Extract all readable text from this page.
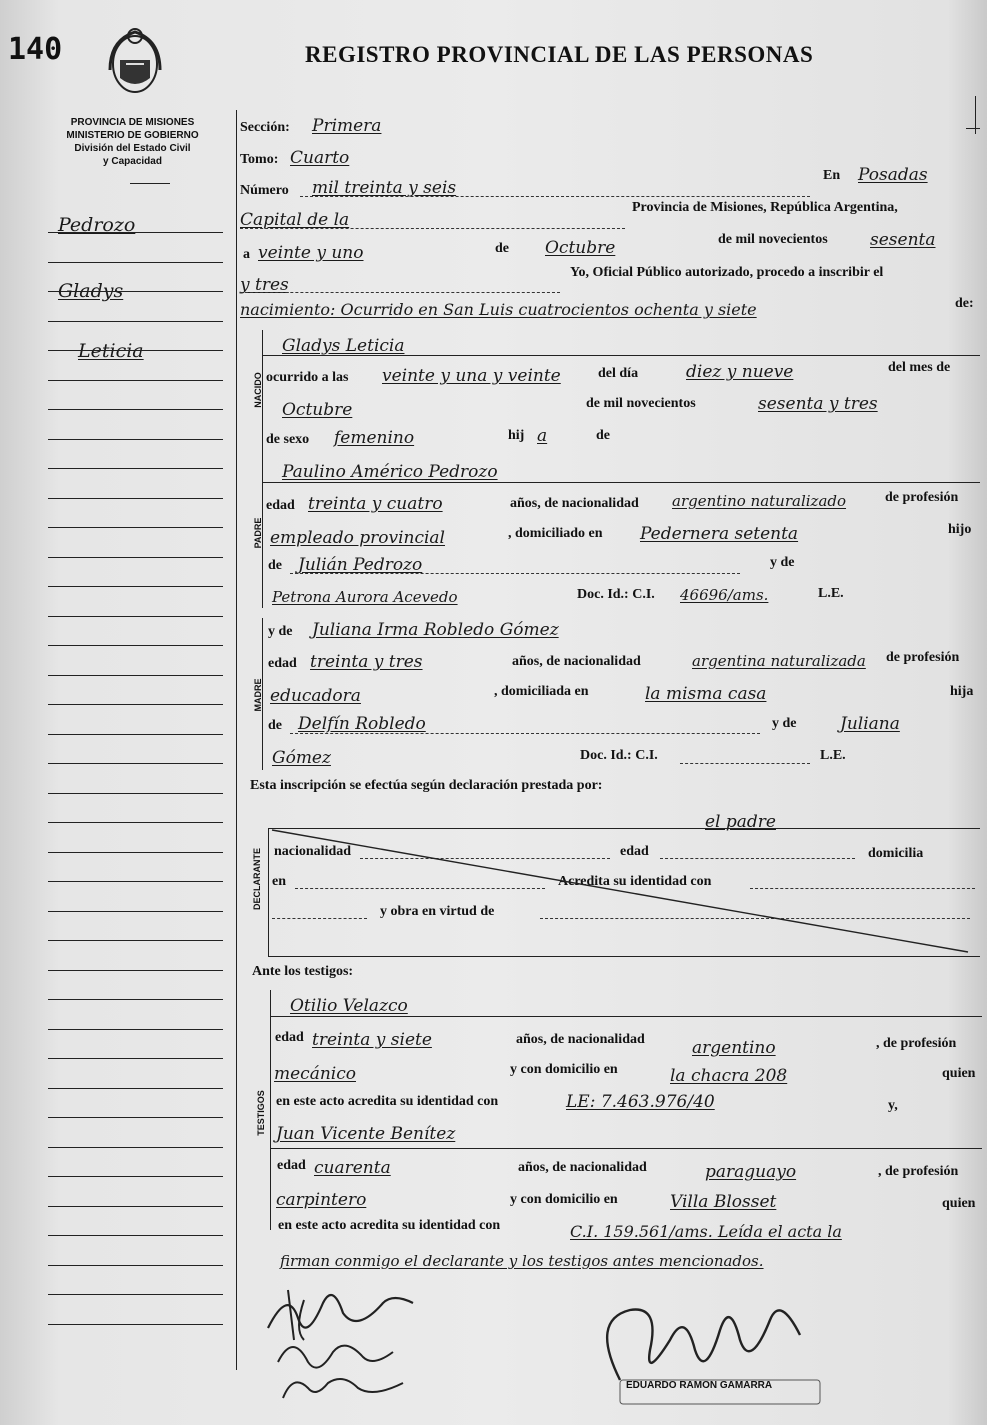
140	REGISTRO PROVINCIAL DE LAS PERSONAS
PROVINCIA DE MISIONES
MINISTERIO DE GOBIERNO
División del Estado Civil
y Capacidad
Pedrozo
Gladys
Leticia
Sección: Primera
Tomo: Cuarto
Número mil treinta y seis
En Posadas
Capital de la
Provincia de Misiones, República Argentina,
a veinte y uno	de Octubre	de mil novecientos sesenta
y tres
Yo, Oficial Público autorizado, procedo a inscribir el
nacimiento: Ocurrido en San Luis cuatrocientos ochenta y siete	de:
NACIDO
Gladys Leticia
ocurrido a las veinte y una y veinte	del día	diez y nueve	del mes de
Octubre	de mil novecientos	sesenta y tres
de sexo femenino	hij a	de
PADRE
Paulino Américo Pedrozo
edad treinta y cuatro	años, de nacionalidad argentino naturalizado	de profesión
empleado provincial	, domiciliado en Pedernera setenta	hijo
de Julián Pedrozo	y de
Petrona Aurora Acevedo	Doc. Id.: C.I. 46696/ams.	L.E.
MADRE
y de Juliana Irma Robledo Gómez
edad treinta y tres	años, de nacionalidad	argentina naturalizada de profesión
educadora	, domiciliada en	la misma casa	hija
de Delfín Robledo	y de	Juliana
Gómez	Doc. Id.: C.I.	L.E.
Esta inscripción se efectúa según declaración prestada por:
el padre
DECLARANTE nacionalidad	edad	domicilia
en	Acredita su identidad con
y obra en virtud de
Ante los testigos:
Otilio Velazco
TESTIGOS
edad treinta y siete	años, de nacionalidad	argentino	, de profesión
mecánico	y con domicilio en	la chacra 208	quien
en este acto acredita su identidad con	LE: 7.463.976/40	y,
Juan Vicente Benítez
edad cuarenta	años, de nacionalidad	paraguayo	, de profesión
carpintero	y con domicilio en	Villa Blosset	quien
en este acto acredita su identidad con	C.I. 159.561/ams. Leída el acta la
firman conmigo el declarante y los testigos antes mencionados.
EDUARDO RAMON GAMARRA
